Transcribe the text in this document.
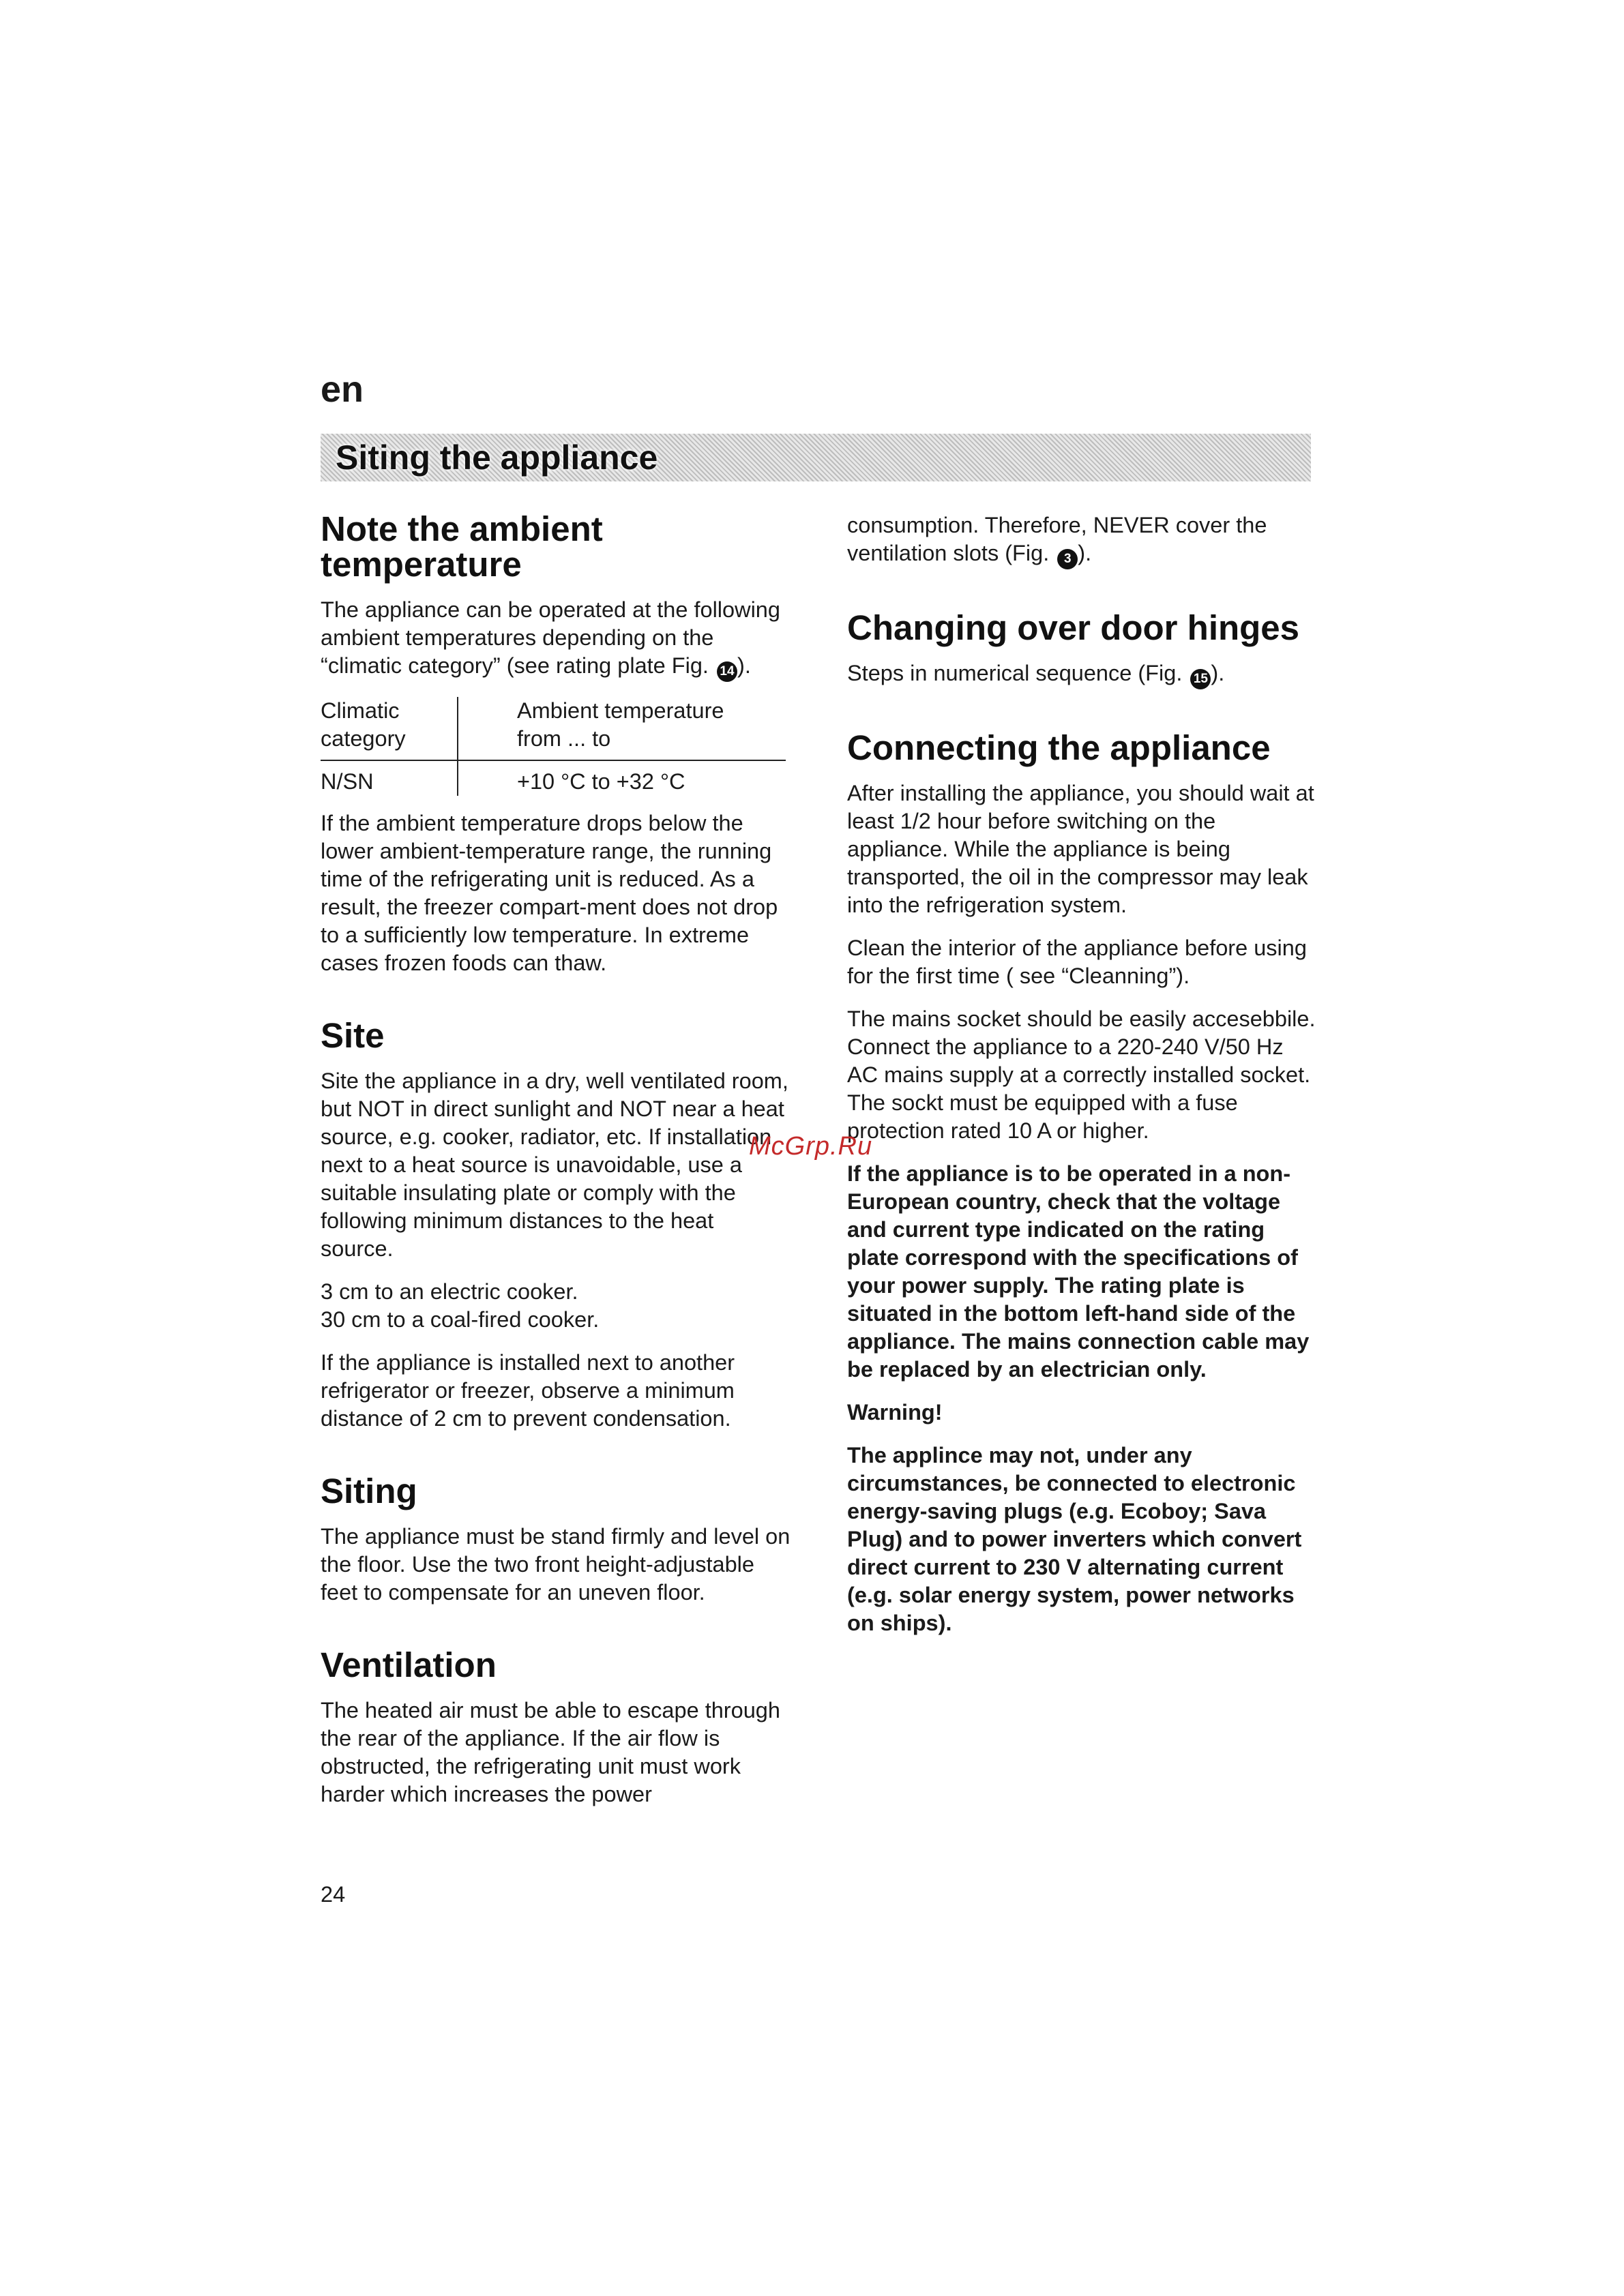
en
Siting the appliance
Note the ambient
temperature

The appliance can be operated at the following ambient temperatures depending on the “climatic category” (see rating plate Fig. 14 ).

Climatic
category
Ambient temperature
from ... to
N/SN	+10 °C to +32 °C

If the ambient temperature drops below the lower ambient-temperature range, the running time of the refrigerating unit is reduced. As a result, the freezer compart-ment does not drop to a sufficiently low temperature. In extreme cases frozen foods can thaw.

Site

Site the appliance in a dry, well ventilated room, but NOT in direct sunlight and NOT near a heat source, e.g. cooker, radiator, etc. If installation next to a heat source is unavoidable, use a suitable insulating plate or comply with the following minimum distances to the heat source.

3 cm to an electric cooker.
30 cm to a coal-fired cooker.

If the appliance is installed next to another refrigerator or freezer, observe a minimum distance of 2 cm to prevent condensation.

Siting

The appliance must be stand firmly and level on the floor. Use the two front height-adjustable feet to compensate for an uneven floor.

Ventilation

The heated air must be able to escape through the rear of the appliance. If the air flow is obstructed, the refrigerating unit must work harder which increases the power

consumption. Therefore, NEVER cover the ventilation slots (Fig. 3 ).

Changing over door hinges

Steps in numerical sequence (Fig. 15 ).

Connecting the appliance

After installing the appliance, you should wait at least 1/2 hour before switching on the appliance. While the appliance is being transported, the oil in the compressor may leak into the refrigeration system.

Clean the interior of the appliance before using for the first time ( see “Cleanning”).

The mains socket should be easily accesebbile. Connect the appliance to a 220-240 V/50 Hz AC mains supply at a correctly installed socket. The sockt must be equipped with a fuse protection rated 10 A or higher.

If the appliance is to be operated in a non-European country, check that the voltage and current type indicated on the rating plate correspond with the specifications of your power supply. The rating plate is situated in the bottom left-hand side of the appliance. The mains connection cable may be replaced by an electrician only.

Warning!

The applince may not, under any circumstances, be connected to electronic energy-saving plugs (e.g. Ecoboy; Sava Plug) and to power inverters which convert direct current to 230 V alternating current (e.g. solar energy system, power networks on ships).

24
McGrp.Ru
